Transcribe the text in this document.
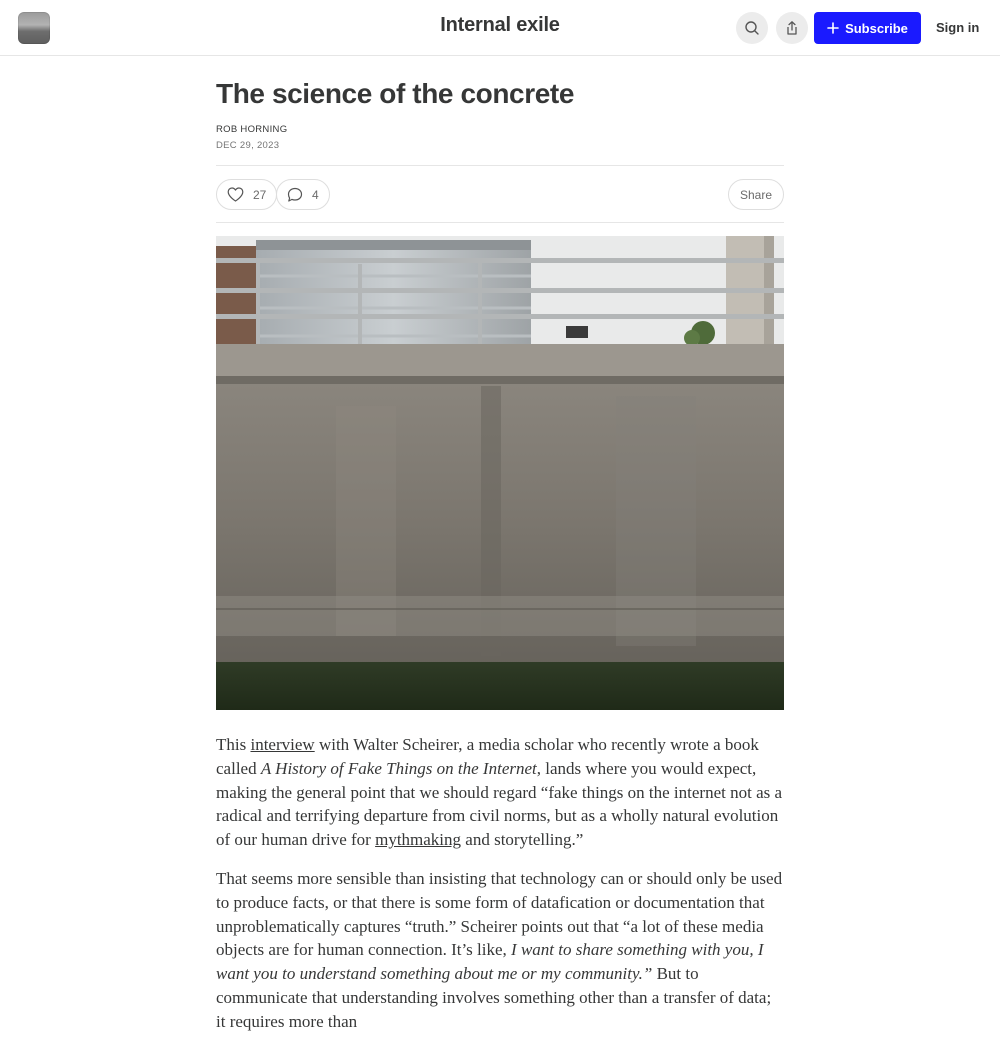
Internal exile	Subscribe Sign in
The science of the concrete
ROB HORNING
DEC 29, 2023
27	4	Share

This interview with Walter Scheirer, a media scholar who recently wrote a book called A History of Fake Things on the Internet, lands where you would expect, making the general point that we should regard “fake things on the internet not as a radical and terrifying departure from civil norms, but as a wholly natural evolution of our human drive for mythmaking and storytelling.”

That seems more sensible than insisting that technology can or should only be used to produce facts, or that there is some form of datafication or documentation that unproblematically captures “truth.” Scheirer points out that “a lot of these media objects are for human connection. It’s like, I want to share something with you, I want you to understand something about me or my community.” But to communicate that understanding involves something other than a transfer of data; it requires more than
